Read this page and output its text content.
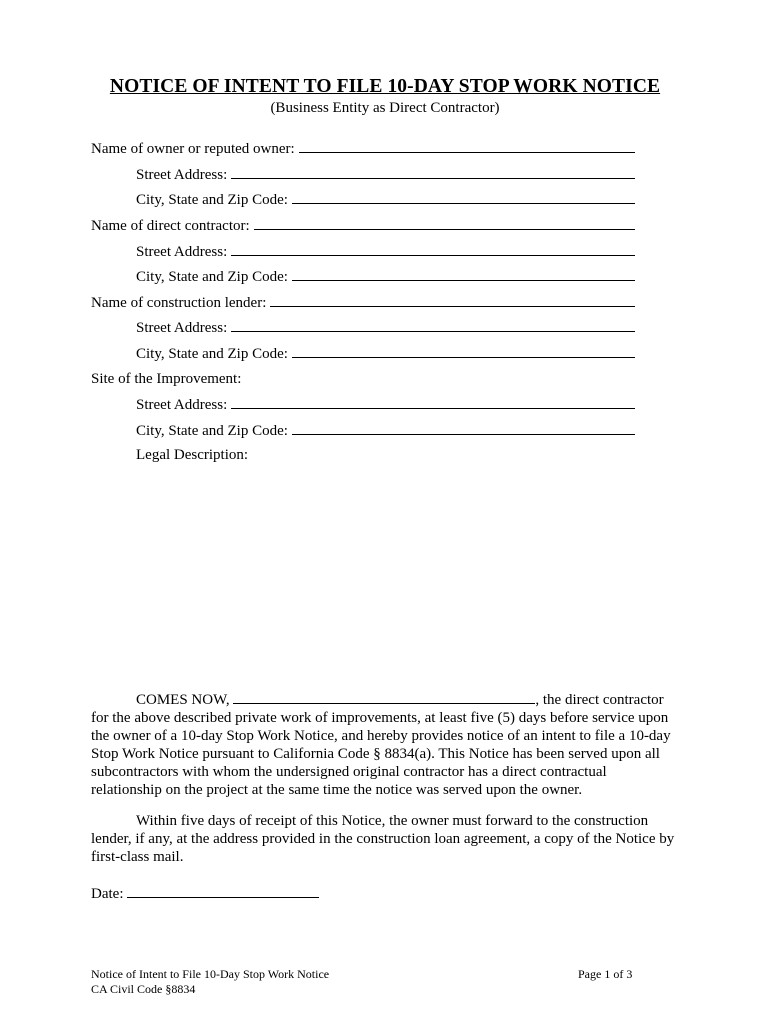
NOTICE OF INTENT TO FILE 10-DAY STOP WORK NOTICE
(Business Entity as Direct Contractor)
Name of owner or reputed owner:
Street Address:
City, State and Zip Code:
Name of direct contractor:
Street Address:
City, State and Zip Code:
Name of construction lender:
Street Address:
City, State and Zip Code:
Site of the Improvement:
Street Address:
City, State and Zip Code:
Legal Description:

COMES NOW,	, the direct contractor for the above described private work of improvements, at least five (5) days before service upon the owner of a 10-day Stop Work Notice, and hereby provides notice of an intent to file a 10-day Stop Work Notice pursuant to California Code § 8834(a). This Notice has been served upon all subcontractors with whom the undersigned original contractor has a direct contractual relationship on the project at the same time the notice was served upon the owner.

Within five days of receipt of this Notice, the owner must forward to the construction lender, if any, at the address provided in the construction loan agreement, a copy of the Notice by first-class mail.

Date:
Notice of Intent to File 10-Day Stop Work Notice
CA Civil Code §8834
Page 1 of 3
